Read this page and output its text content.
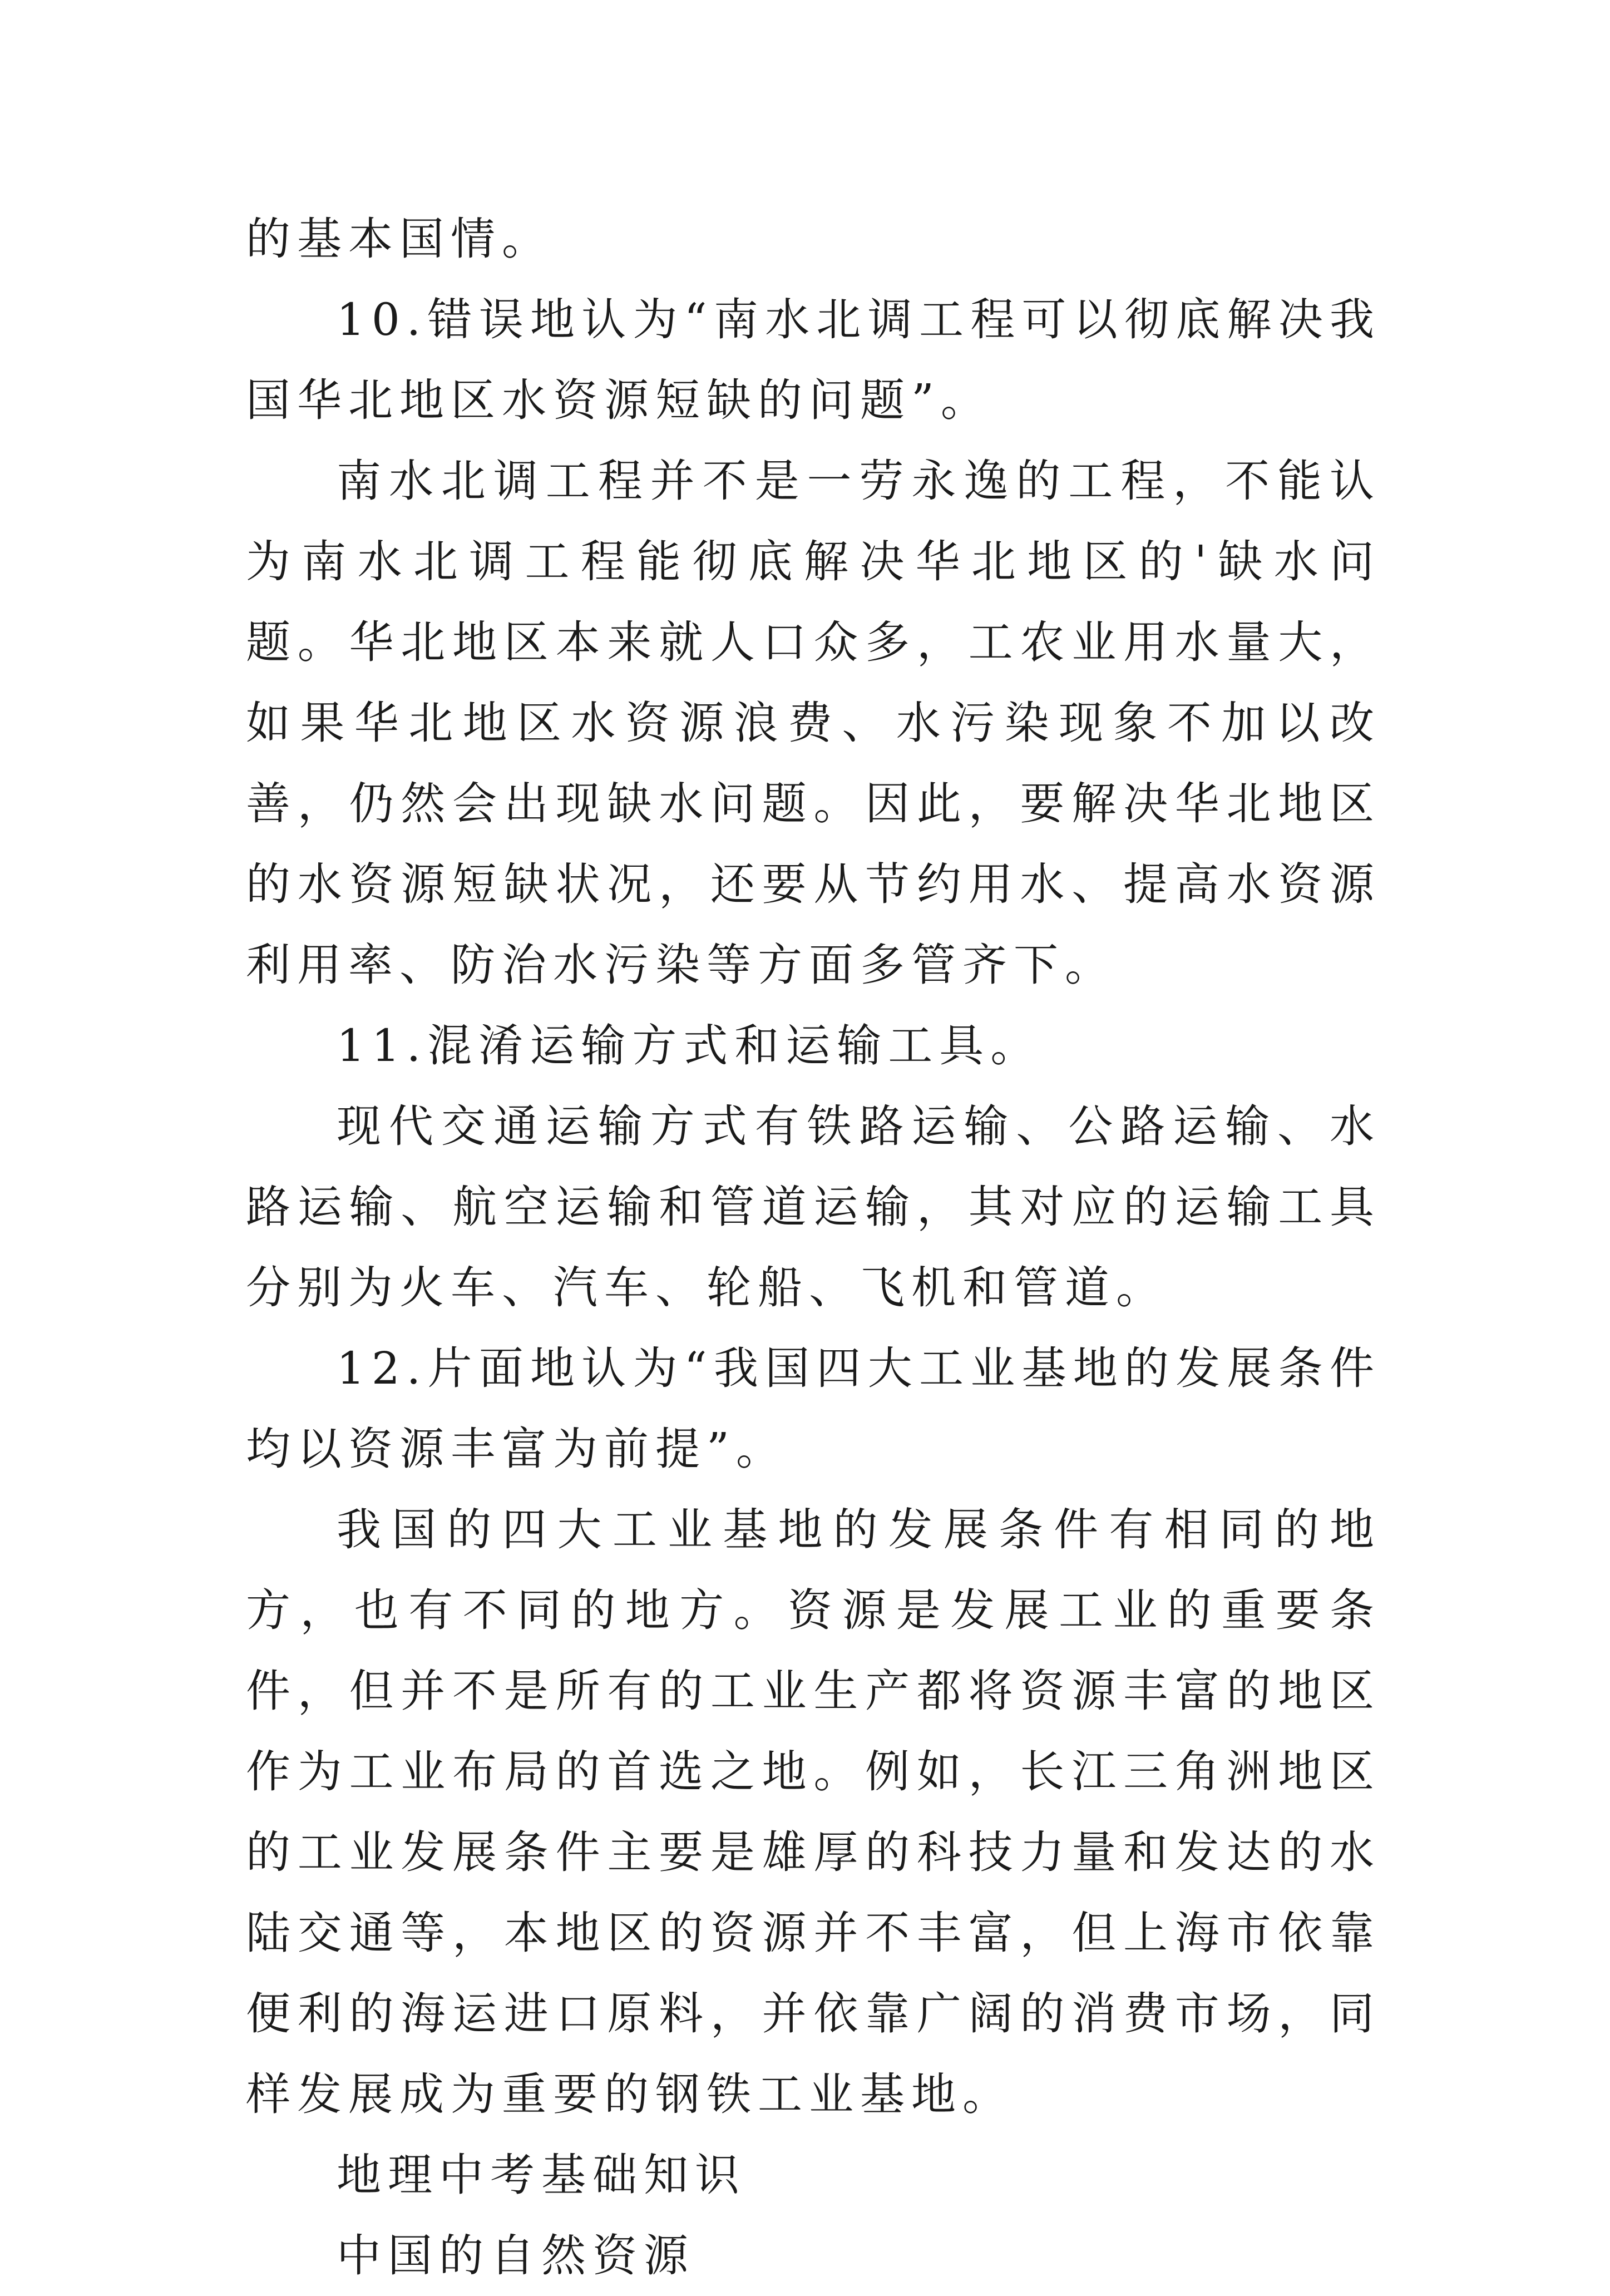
的基本国情。

10.错误地认为“南水北调工程可以彻底解决我国华北地区水资源短缺的问题”。

南水北调工程并不是一劳永逸的工程，不能认为南水北调工程能彻底解决华北地区的'缺水问题。华北地区本来就人口众多，工农业用水量大，如果华北地区水资源浪费、水污染现象不加以改善，仍然会出现缺水问题。因此，要解决华北地区的水资源短缺状况，还要从节约用水、提高水资源利用率、防治水污染等方面多管齐下。

11.混淆运输方式和运输工具。

现代交通运输方式有铁路运输、公路运输、水路运输、航空运输和管道运输，其对应的运输工具分别为火车、汽车、轮船、飞机和管道。

12.片面地认为“我国四大工业基地的发展条件均以资源丰富为前提”。

我国的四大工业基地的发展条件有相同的地方，也有不同的地方。资源是发展工业的重要条件，但并不是所有的工业生产都将资源丰富的地区作为工业布局的首选之地。例如，长江三角洲地区的工业发展条件主要是雄厚的科技力量和发达的水陆交通等，本地区的资源并不丰富，但上海市依靠便利的海运进口原料，并依靠广阔的消费市场，同样发展成为重要的钢铁工业基地。

地理中考基础知识

中国的自然资源
